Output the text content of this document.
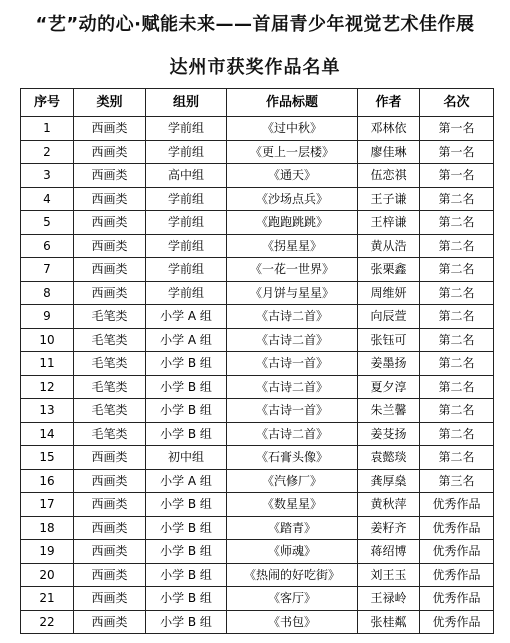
“艺”动的心·赋能未来——首届青少年视觉艺术佳作展
达州市获奖作品名单
序号	类别	组别	作品标题	作者	名次
1	西画类	学前组	《过中秋》	邓林依	第一名
2	西画类	学前组	《更上一层楼》	廖佳琳	第一名
3	西画类	高中组	《通天》	伍恋祺	第一名
4	西画类	学前组	《沙场点兵》	王子谦	第二名
5	西画类	学前组	《跑跑跳跳》	王梓谦	第二名
6	西画类	学前组	《拐星星》	黄从浩	第二名
7	西画类	学前组	《一花一世界》	张栗鑫	第二名
8	西画类	学前组	《月饼与星星》	周维妍	第二名
9	毛笔类	小学 A 组	《古诗二首》	向辰萱	第二名
10	毛笔类	小学 A 组	《古诗二首》	张钰可	第二名
11	毛笔类	小学 B 组	《古诗一首》	姜墨扬	第二名
12	毛笔类	小学 B 组	《古诗二首》	夏夕淳	第二名
13	毛笔类	小学 B 组	《古诗一首》	朱兰馨	第二名
14	毛笔类	小学 B 组	《古诗二首》	姜芟扬	第二名
15	西画类	初中组	《石膏头像》	袁懿琰	第二名
16	西画类	小学 A 组	《汽修厂》	龚厚燊	第三名
17	西画类	小学 B 组	《数星星》	黄秋萍	优秀作品
18	西画类	小学 B 组	《踏青》	姜籽齐	优秀作品
19	西画类	小学 B 组	《师魂》	蒋绍博	优秀作品
20	西画类	小学 B 组	《热闹的好吃街》	刘王玉	优秀作品
21	西画类	小学 B 组	《客厅》	王禄岭	优秀作品
22	西画类	小学 B 组	《书包》	张桂粼	优秀作品
